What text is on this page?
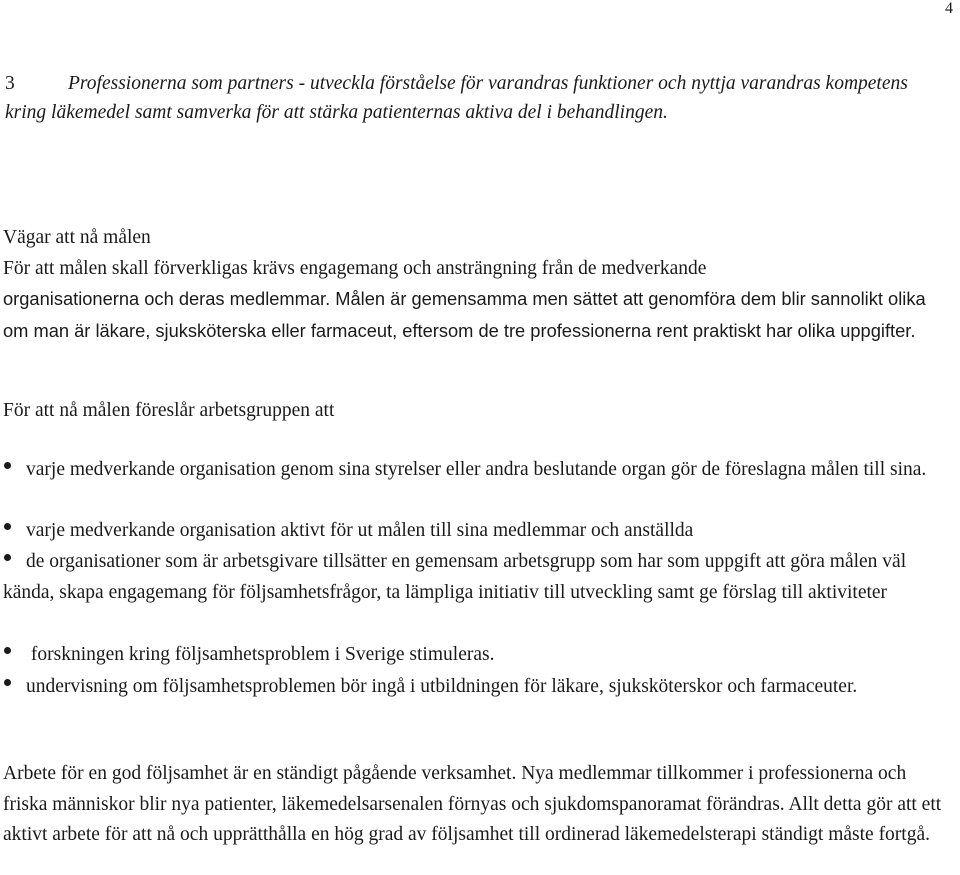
4

3	Professionerna som partners - utveckla förståelse för varandras funktioner och nyttja varandras kompetens kring läkemedel samt samverka för att stärka patienternas aktiva del i behandlingen.

Vägar att nå målen
För att målen skall förverkligas krävs engagemang och ansträngning från de medverkande
organisationerna och deras medlemmar. Målen är gemensamma men sättet att genomföra dem blir sannolikt olika om man är läkare, sjuksköterska eller farmaceut, eftersom de tre professionerna rent praktiskt har olika uppgifter.

För att nå målen föreslår arbetsgruppen att

varje medverkande organisation genom sina styrelser eller andra beslutande organ gör de föreslagna målen till sina.

varje medverkande organisation aktivt för ut målen till sina medlemmar och anställda

de organisationer som är arbetsgivare tillsätter en gemensam arbetsgrupp som har som uppgift att göra målen väl kända, skapa engagemang för följsamhetsfrågor, ta lämpliga initiativ till utveckling samt ge förslag till aktiviteter

forskningen kring följsamhetsproblem i Sverige stimuleras.

undervisning om följsamhetsproblemen bör ingå i utbildningen för läkare, sjuksköterskor och farmaceuter.

Arbete för en god följsamhet är en ständigt pågående verksamhet. Nya medlemmar tillkommer i professionerna och friska människor blir nya patienter, läkemedelsarsenalen förnyas och sjukdomspanoramat förändras. Allt detta gör att ett aktivt arbete för att nå och upprätthålla en hög grad av följsamhet till ordinerad läkemedelsterapi ständigt måste fortgå.
